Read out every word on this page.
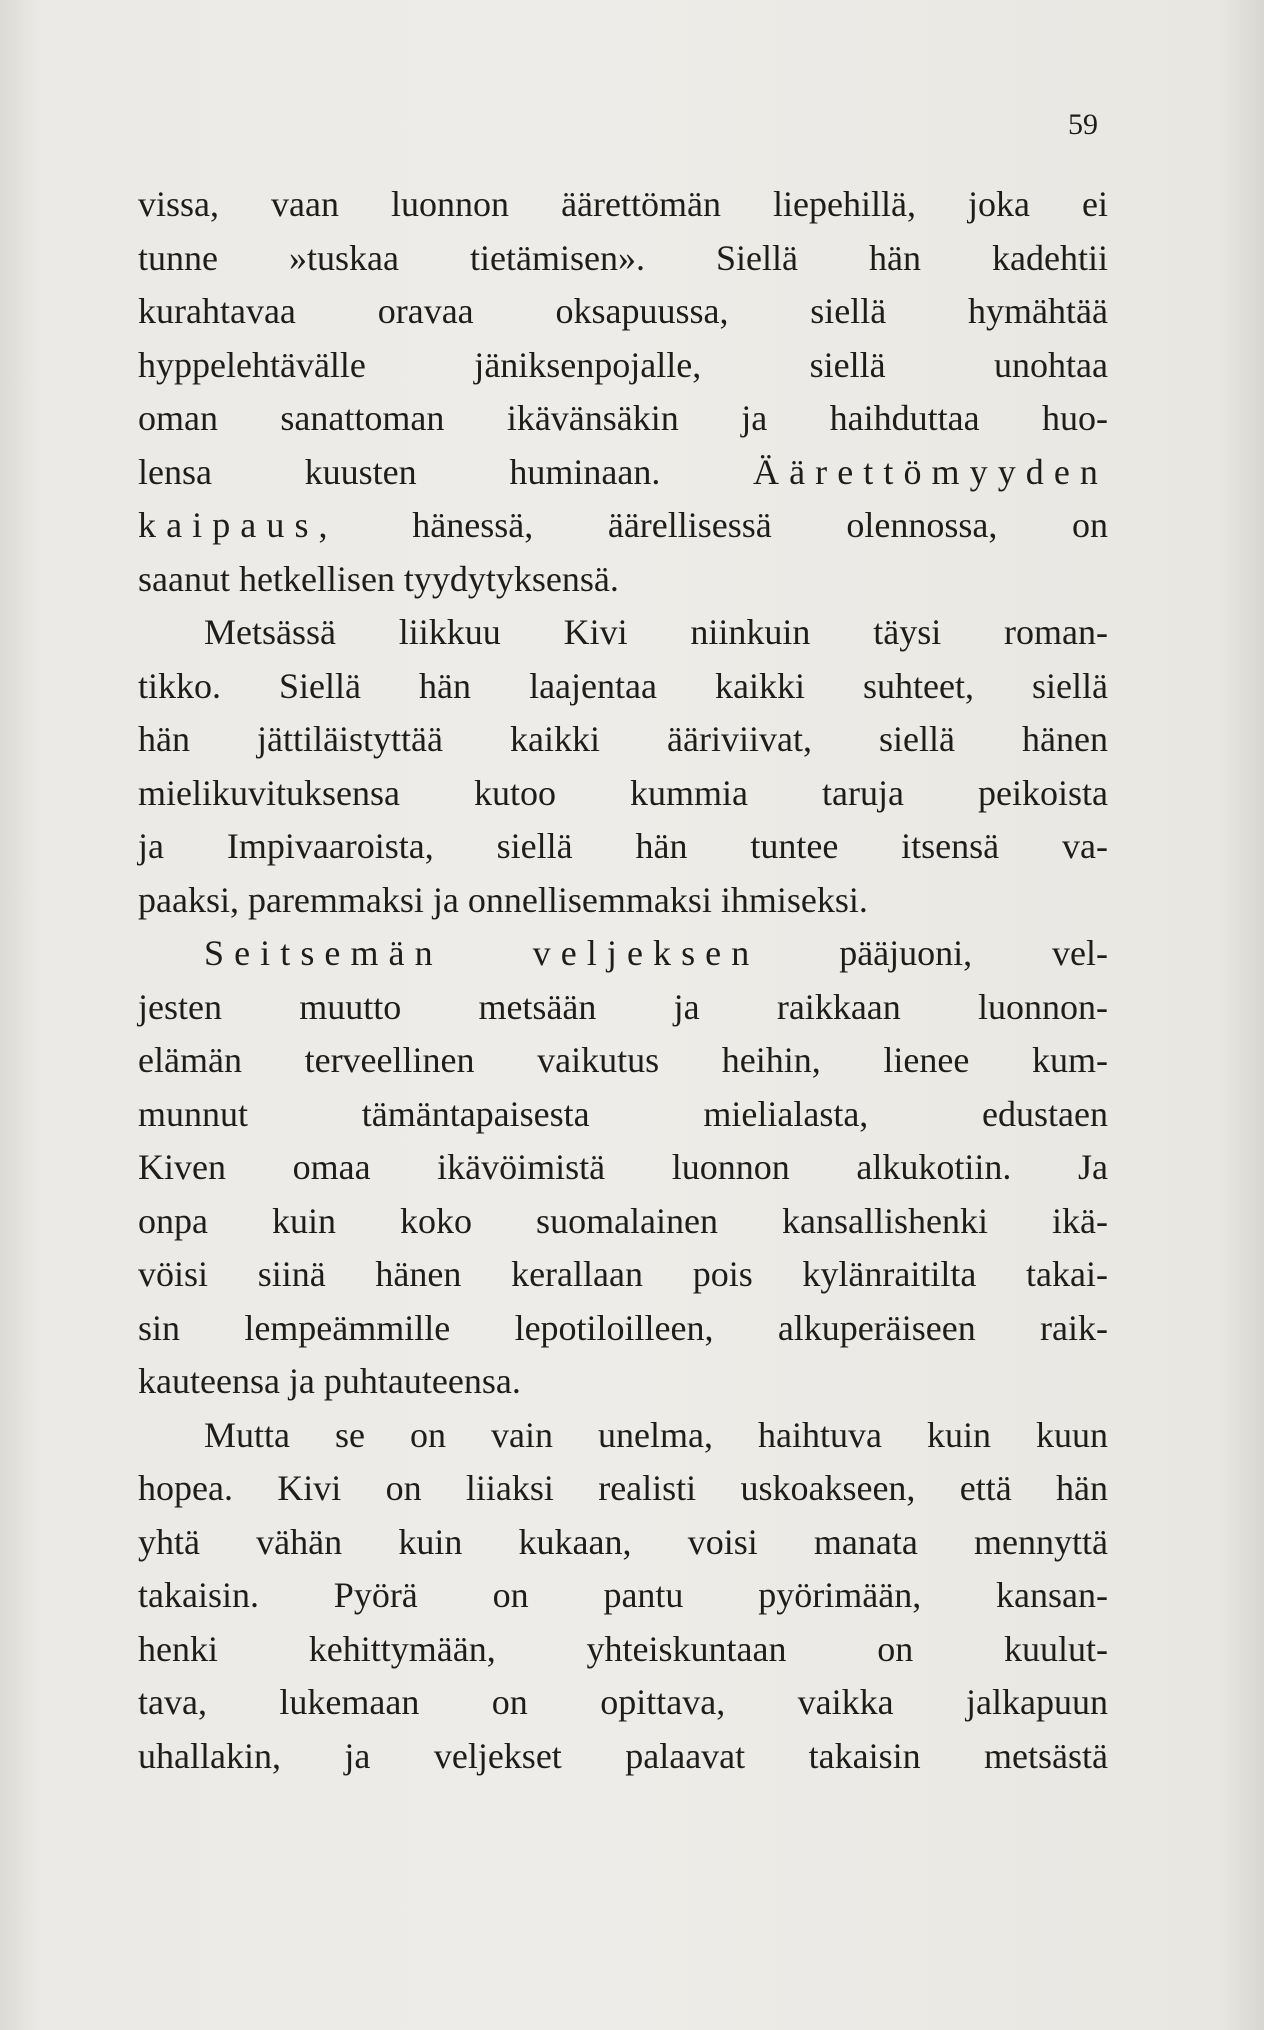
59
vissa, vaan luonnon äärettömän liepehillä, joka ei
tunne »tuskaa tietämisen». Siellä hän kadehtii
kurahtavaa oravaa oksapuussa, siellä hymähtää
hyppelehtävälle jäniksenpojalle, siellä unohtaa
oman sanattoman ikävänsäkin ja haihduttaa huo-
lensa kuusten huminaan.	Äärettömyyden
kaipaus, hänessä, äärellisessä olennossa, on
saanut hetkellisen tyydytyksensä.
Metsässä liikkuu Kivi niinkuin täysi roman-
tikko. Siellä hän laajentaa kaikki suhteet, siellä
hän jättiläistyttää kaikki ääriviivat, siellä hänen
mielikuvituksensa kutoo kummia taruja peikoista
ja Impivaaroista, siellä hän tuntee itsensä va-
paaksi, paremmaksi ja onnellisemmaksi ihmiseksi.
Seitsemän veljeksen pääjuoni, vel-
jesten muutto metsään ja raikkaan luonnon-
elämän terveellinen vaikutus heihin, lienee kum-
munnut tämäntapaisesta mielialasta, edustaen
Kiven omaa ikävöimistä luonnon alkukotiin. Ja
onpa kuin koko suomalainen kansallishenki ikä-
vöisi siinä hänen kerallaan pois kylänraitilta takai-
sin lempeämmille lepotiloilleen, alkuperäiseen raik-
kauteensa ja puhtauteensa.
Mutta se on vain unelma, haihtuva kuin kuun
hopea. Kivi on liiaksi realisti uskoakseen, että hän
yhtä vähän kuin kukaan, voisi manata mennyttä
takaisin. Pyörä on pantu pyörimään, kansan-
henki kehittymään, yhteiskuntaan on kuulut-
tava, lukemaan on opittava, vaikka jalkapuun
uhallakin, ja veljekset palaavat takaisin metsästä
